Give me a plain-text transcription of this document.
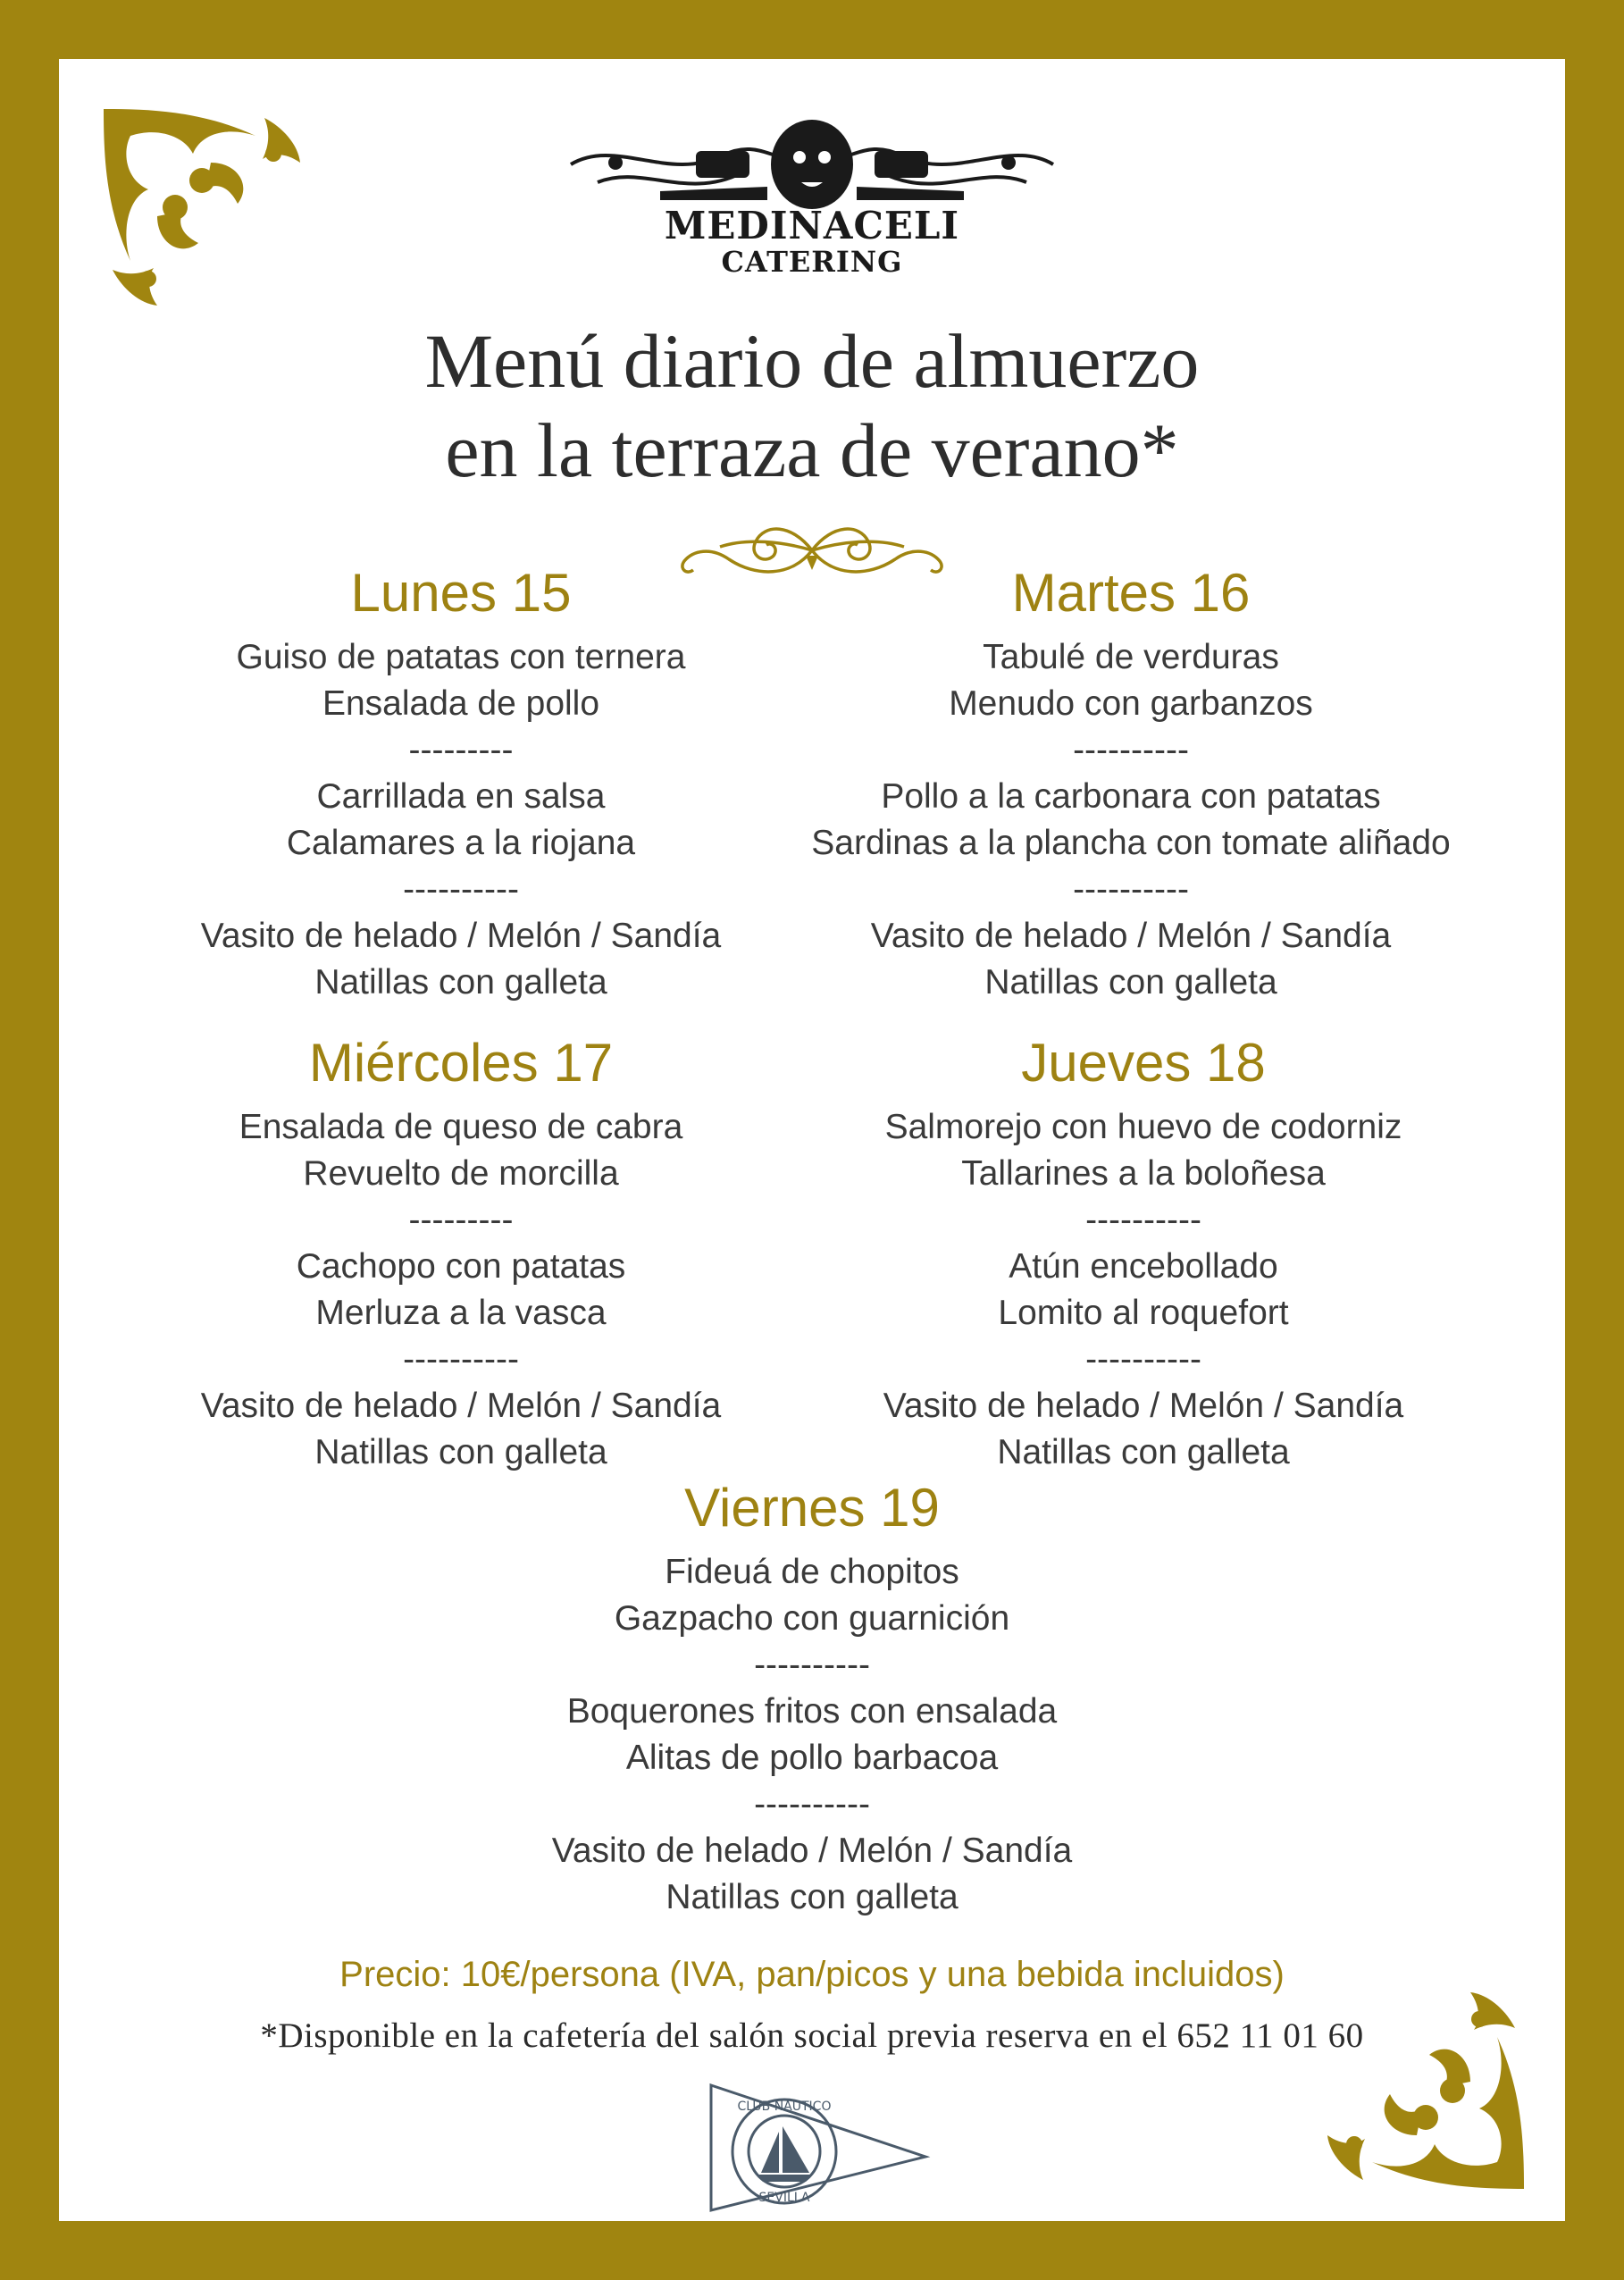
MEDINACELI
CATERING
Menú diario de almuerzo
en la terraza de verano*
Lunes 15
Guiso de patatas con ternera
Ensalada de pollo
---------
Carrillada en salsa
Calamares a la riojana
----------
Vasito de helado / Melón / Sandía
Natillas con galleta
Martes 16
Tabulé de verduras
Menudo con garbanzos
----------
Pollo a la carbonara con patatas
Sardinas a la plancha con tomate aliñado
----------
Vasito de helado / Melón / Sandía
Natillas con galleta
Miércoles 17
Ensalada de queso de cabra
Revuelto de morcilla
---------
Cachopo con patatas
Merluza a la vasca
----------
Vasito de helado / Melón / Sandía
Natillas con galleta
Jueves 18
Salmorejo con huevo de codorniz
Tallarines a la boloñesa
----------
Atún encebollado
Lomito al roquefort
----------
Vasito de helado / Melón / Sandía
Natillas con galleta
Viernes 19
Fideuá de chopitos
Gazpacho con guarnición
----------
Boquerones fritos con ensalada
Alitas de pollo barbacoa
----------
Vasito de helado / Melón / Sandía
Natillas con galleta
Precio: 10€/persona (IVA, pan/picos y una bebida incluidos)
*Disponible en la cafetería del salón social previa reserva en el 652 11 01 60
CLUB NAUTICO
SEVILLA
